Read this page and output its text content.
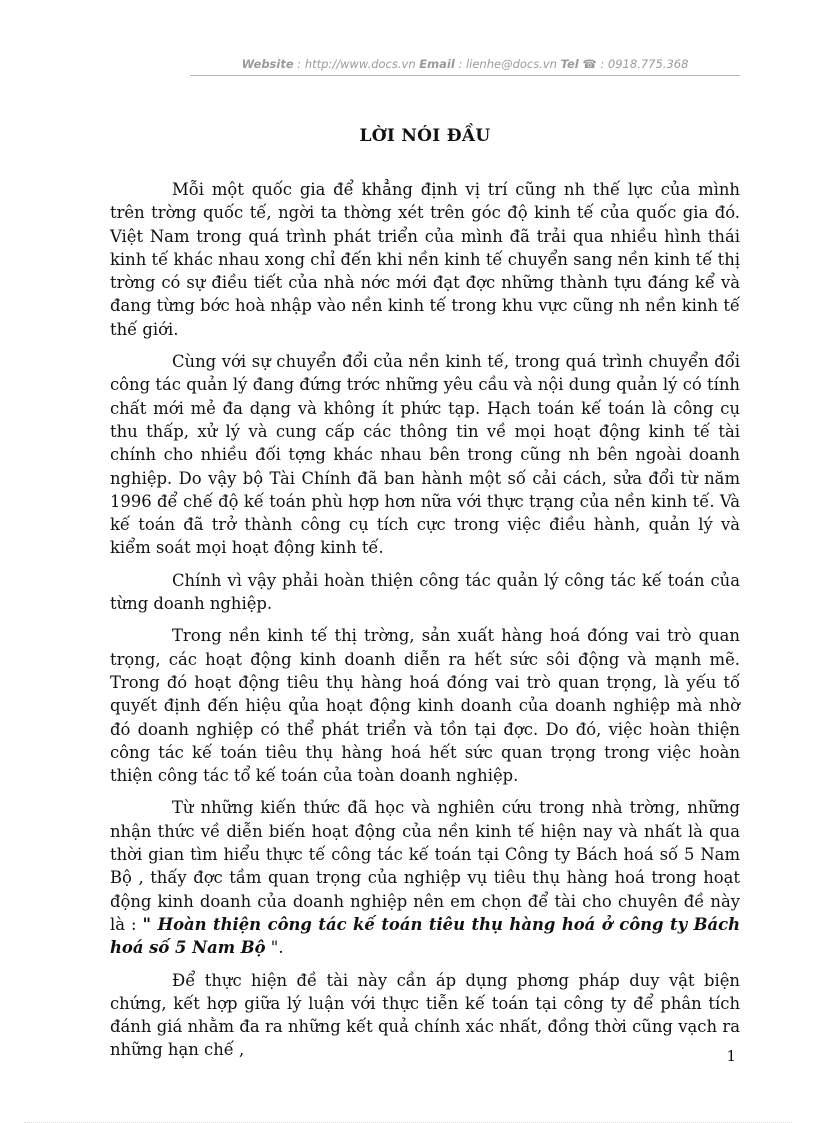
Website : http://www.docs.vn Email : lienhe@docs.vn Tel ☎ : 0918.775.368
LỜI NÓI ĐẦU

Mỗi một quốc gia để khẳng định vị trí cũng nh thế lực của mình trên trờng quốc tế, ngời ta thờng xét trên góc độ kinh tế của quốc gia đó. Việt Nam trong quá trình phát triển của mình đã trải qua nhiều hình thái kinh tế khác nhau xong chỉ đến khi nền kinh tế chuyển sang nền kinh tế thị trờng có sự điều tiết của nhà nớc mới đạt đợc những thành tựu đáng kể và đang từng bớc hoà nhập vào nền kinh tế trong khu vực cũng nh nền kinh tế thế giới.

Cùng với sự chuyển đổi của nền kinh tế, trong quá trình chuyển đổi công tác quản lý đang đứng trớc những yêu cầu và nội dung quản lý có tính chất mới mẻ đa dạng và không ít phức tạp. Hạch toán kế toán là công cụ thu thấp, xử lý và cung cấp các thông tin về mọi hoạt động kinh tế tài chính cho nhiều đối tợng khác nhau bên trong cũng nh bên ngoài doanh nghiệp. Do vậy bộ Tài Chính đã ban hành một số cải cách, sửa đổi từ năm 1996 để chế độ kế toán phù hợp hơn nữa với thực trạng của nền kinh tế. Và kế toán đã trở thành công cụ tích cực trong việc điều hành, quản lý và kiểm soát mọi hoạt động kinh tế.

Chính vì vậy phải hoàn thiện công tác quản lý công tác kế toán của từng doanh nghiệp.

Trong nền kinh tế thị trờng, sản xuất hàng hoá đóng vai trò quan trọng, các hoạt động kinh doanh diễn ra hết sức sôi động và mạnh mẽ. Trong đó hoạt động tiêu thụ hàng hoá đóng vai trò quan trọng, là yếu tố quyết định đến hiệu qủa hoạt động kinh doanh của doanh nghiệp mà nhờ đó doanh nghiệp có thể phát triển và tồn tại đợc. Do đó, việc hoàn thiện công tác kế toán tiêu thụ hàng hoá hết sức quan trọng trong việc hoàn thiện công tác tổ kế toán của toàn doanh nghiệp.

Từ những kiến thức đã học và nghiên cứu trong nhà trờng, những nhận thức về diễn biến hoạt động của nền kinh tế hiện nay và nhất là qua thời gian tìm hiểu thực tế công tác kế toán tại Công ty Bách hoá số 5 Nam Bộ , thấy đợc tầm quan trọng của nghiệp vụ tiêu thụ hàng hoá trong hoạt động kinh doanh của doanh nghiệp nên em chọn để tài cho chuyên đề này là : " Hoàn thiện công tác kế toán tiêu thụ hàng hoá ở công ty Bách hoá số 5 Nam Bộ ".

Để thực hiện đề tài này cần áp dụng phơng pháp duy vật biện chứng, kết hợp giữa lý luận với thực tiễn kế toán tại công ty để phân tích đánh giá nhằm đa ra những kết quả chính xác nhất, đồng thời cũng vạch ra những hạn chế ,	1
